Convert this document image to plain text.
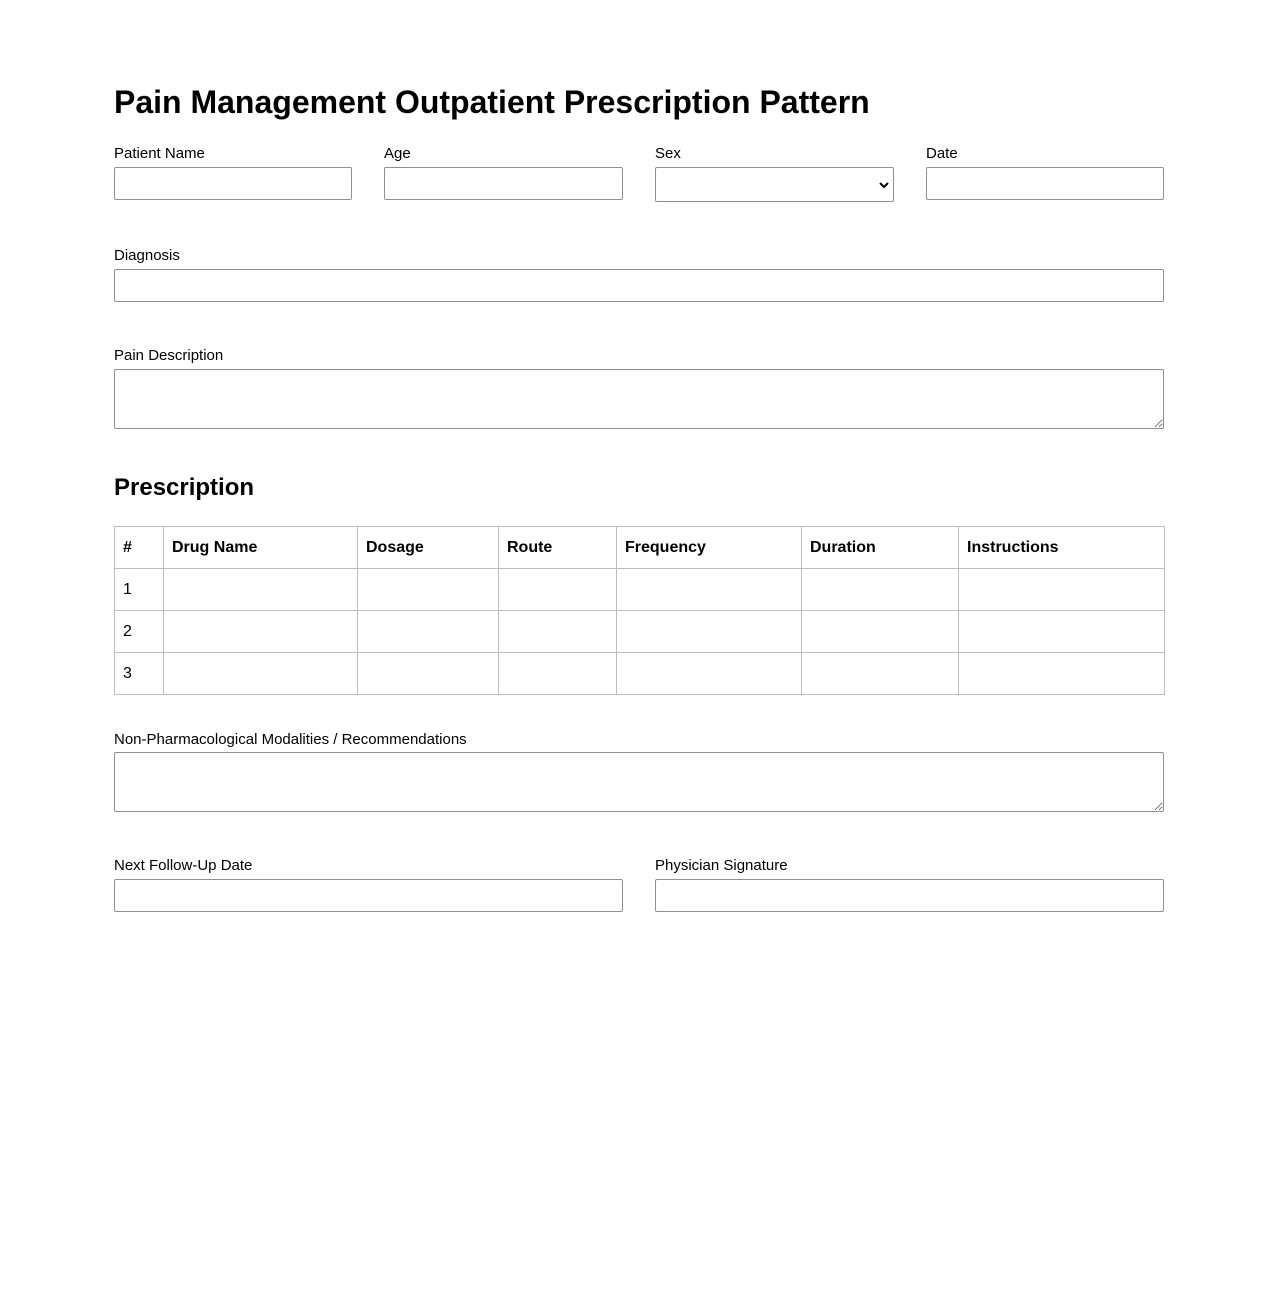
Pain Management Outpatient Prescription Pattern
Patient Name	Age	Sex	Date
Diagnosis
Pain Description
Prescription
#	Drug Name	Dosage	Route	Frequency	Duration	Instructions
1						
2						
3						
Non-Pharmacological Modalities / Recommendations
Next Follow-Up Date	Physician Signature
